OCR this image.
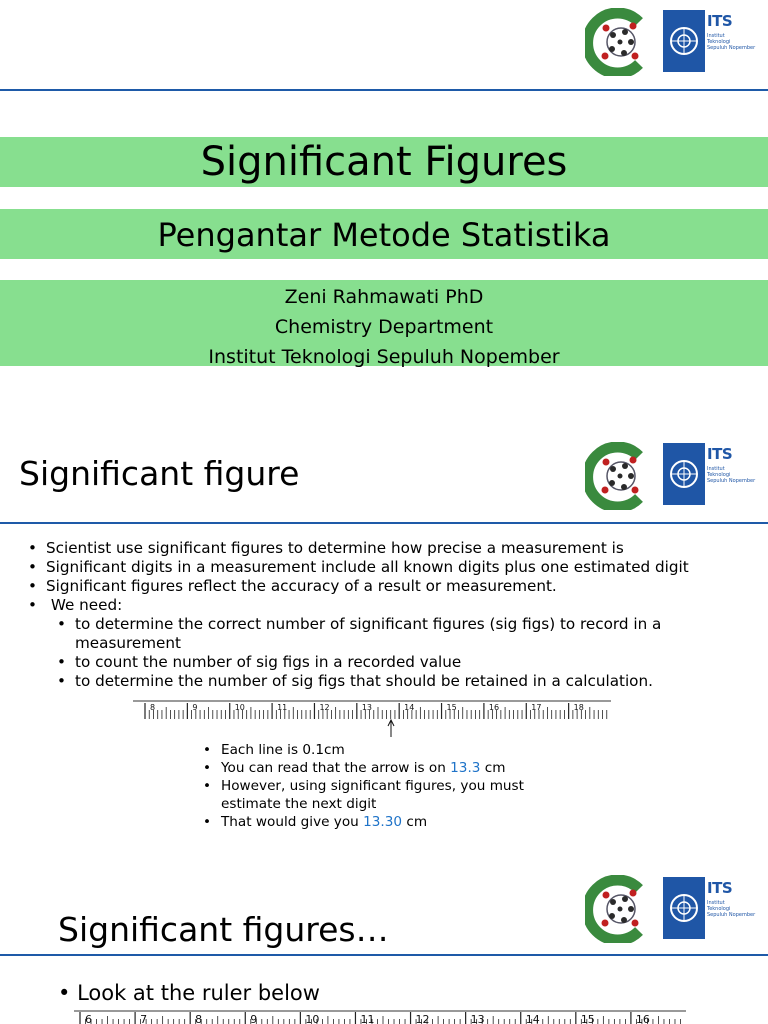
ITS
Institut
Teknologi
Sepuluh Nopember
Significant Figures
Pengantar Metode Statistika
Zeni Rahmawati PhD
Chemistry Department
Institut Teknologi Sepuluh Nopember
Significant figure	ITS
Institut
Teknologi
Sepuluh Nopember
• Scientist use significant figures to determine how precise a measurement is
• Significant digits in a measurement include all known digits plus one estimated digit
• Significant figures reflect the accuracy of a result or measurement.
•  We need:
• to determine the correct number of significant figures (sig figs) to record in a measurement
• to count the number of sig figs in a recorded value
• to determine the number of sig figs that should be retained in a calculation.
8	9	10	11	12	13	14	15	16	17	18
• Each line is 0.1cm
• You can read that the arrow is on 13.3 cm
• However, using significant figures, you must estimate the next digit
• That would give you 13.30 cm
ITS
Institut
Teknologi
Sepuluh Nopember
Significant figures…
• Look at the ruler below
6	7	8	9	10	11	12	13	14	15	16
